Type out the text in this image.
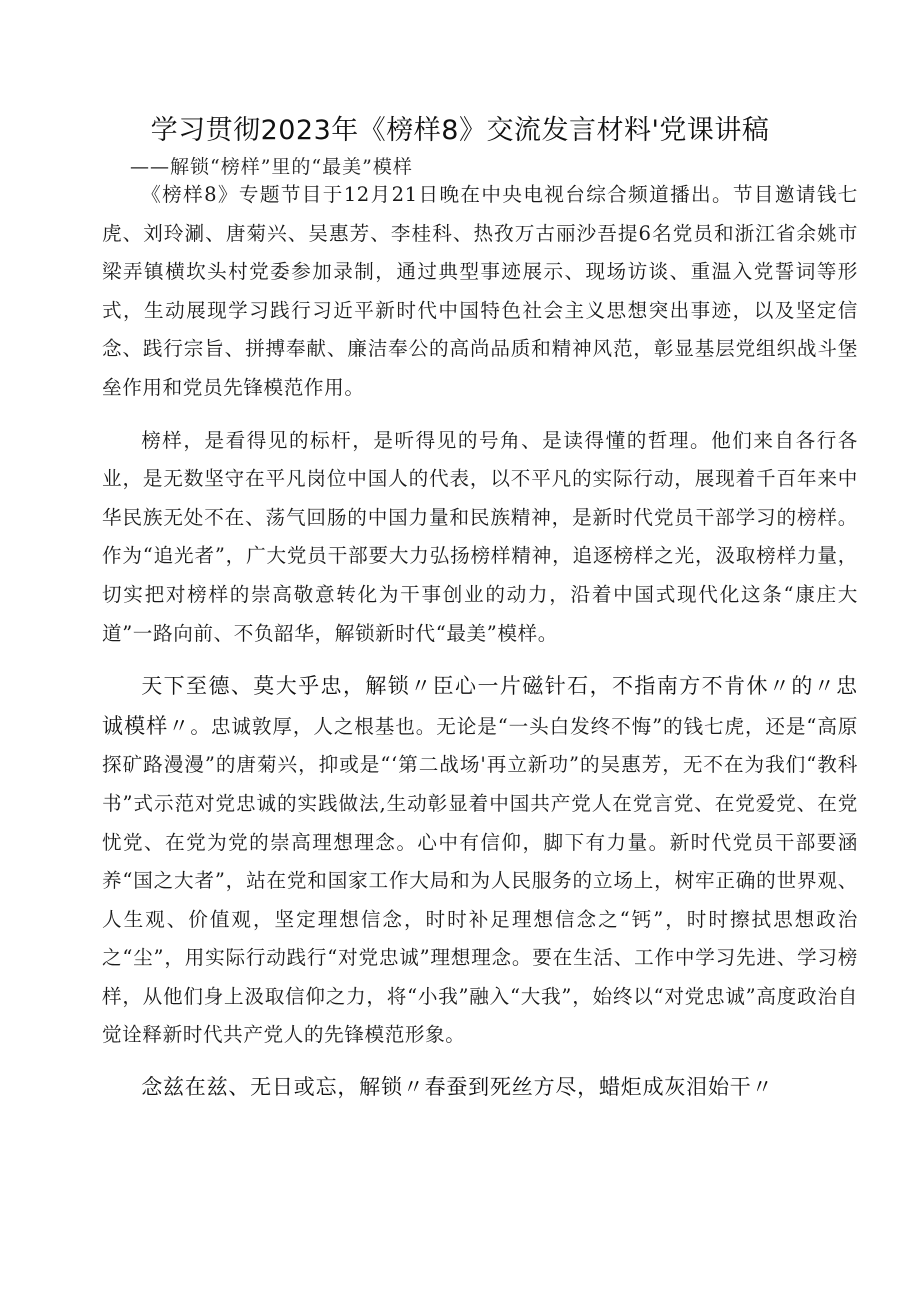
学习贯彻2023年《榜样8》交流发言材料'党课讲稿

——解锁“榜样”里的“最美”模样

《榜样8》专题节目于12月21日晚在中央电视台综合频道播出。节目邀请钱七虎、刘玲涮、唐菊兴、吴惠芳、李桂科、热孜万古丽沙吾提6名党员和浙江省余姚市梁弄镇横坎头村党委参加录制，通过典型事迹展示、现场访谈、重温入党誓词等形式，生动展现学习践行习近平新时代中国特色社会主义思想突出事迹，以及坚定信念、践行宗旨、拼搏奉献、廉洁奉公的高尚品质和精神风范，彰显基层党组织战斗堡垒作用和党员先锋模范作用。

榜样，是看得见的标杆，是听得见的号角、是读得懂的哲理。他们来自各行各业，是无数坚守在平凡岗位中国人的代表，以不平凡的实际行动，展现着千百年来中华民族无处不在、荡气回肠的中国力量和民族精神，是新时代党员干部学习的榜样。作为“追光者”，广大党员干部要大力弘扬榜样精神，追逐榜样之光，汲取榜样力量，切实把对榜样的崇高敬意转化为干事创业的动力，沿着中国式现代化这条“康庄大道”一路向前、不负韶华，解锁新时代“最美”模样。

天下至德、莫大乎忠，解锁〃臣心一片磁针石，不指南方不肯休〃的〃忠诚模样〃。忠诚敦厚，人之根基也。无论是“一头白发终不悔”的钱七虎，还是“高原探矿路漫漫”的唐菊兴，抑或是“‘第二战场'再立新功”的吴惠芳，无不在为我们“教科书”式示范对党忠诚的实践做法,生动彰显着中国共产党人在党言党、在党爱党、在党忧党、在党为党的崇高理想理念。心中有信仰，脚下有力量。新时代党员干部要涵养“国之大者”，站在党和国家工作大局和为人民服务的立场上，树牢正确的世界观、人生观、价值观，坚定理想信念，时时补足理想信念之“钙”，时时擦拭思想政治之“尘”，用实际行动践行“对党忠诚”理想理念。要在生活、工作中学习先进、学习榜样，从他们身上汲取信仰之力，将“小我”融入“大我”，始终以“对党忠诚”高度政治自觉诠释新时代共产党人的先锋模范形象。

念兹在兹、无日或忘，解锁〃春蚕到死丝方尽，蜡炬成灰泪始干〃
